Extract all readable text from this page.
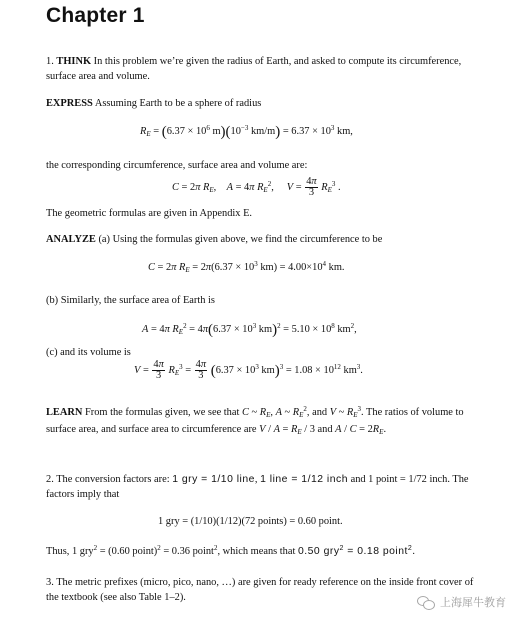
Chapter 1

1. THINK In this problem we’re given the radius of Earth, and asked to compute its circumference, surface area and volume.

EXPRESS Assuming Earth to be a sphere of radius

$R_E = (6.37 \times 10^6$ $m)(10^{-3}$ $km/m) = 6.37 \times 10^3$ km,

the corresponding circumference, surface area and volume are:

C = 2π $R_E$,    A = 4π $R_E^2$,     $V = \frac{4\pi}{3} R_E^3$ .

The geometric formulas are given in Appendix E.

ANALYZE (a) Using the formulas given above, we find the circumference to be

C = 2π $R_E = 2\pi(6.37 \times 10^3$ $km) = 4.00\times 10^4$ km.

(b) Similarly, the surface area of Earth is

A = 4π $R_E^2 = 4\pi(6.37 \times 10^3$ $km)^2 = 5.10 \times 10^8$ $km^2$,

(c) and its volume is

$V = \frac{4\pi}{3} R_E^3 = \frac{4\pi}{3} (6.37 \times 10^3$ $km)^3 = 1.08 \times 10^{12}$ $km^3$.

LEARN From the formulas given, we see that C ~ $R_E$, A ~ $R_E^2$, and V ~ $R_E^3$. The ratios of volume to surface area, and surface area to circumference are $V / A = R_E / 3$ and $A / C = 2R_E$.

2. The conversion factors are: 1 gry = 1/10 line, 1 line = 1/12 inch and 1 point = 1/72 inch. The factors imply that

1 gry = (1/10)(1/12)(72 points) = 0.60 point.

Thus, 1 gry$^2$ = (0.60 point)$^2$ = 0.36 point$^2$, which means that 0.50 gry$^2$ = 0.18 point$^2$.

3. The metric prefixes (micro, pico, nano, …) are given for ready reference on the inside front cover of the textbook (see also Table 1–2).	上海犀牛教育
